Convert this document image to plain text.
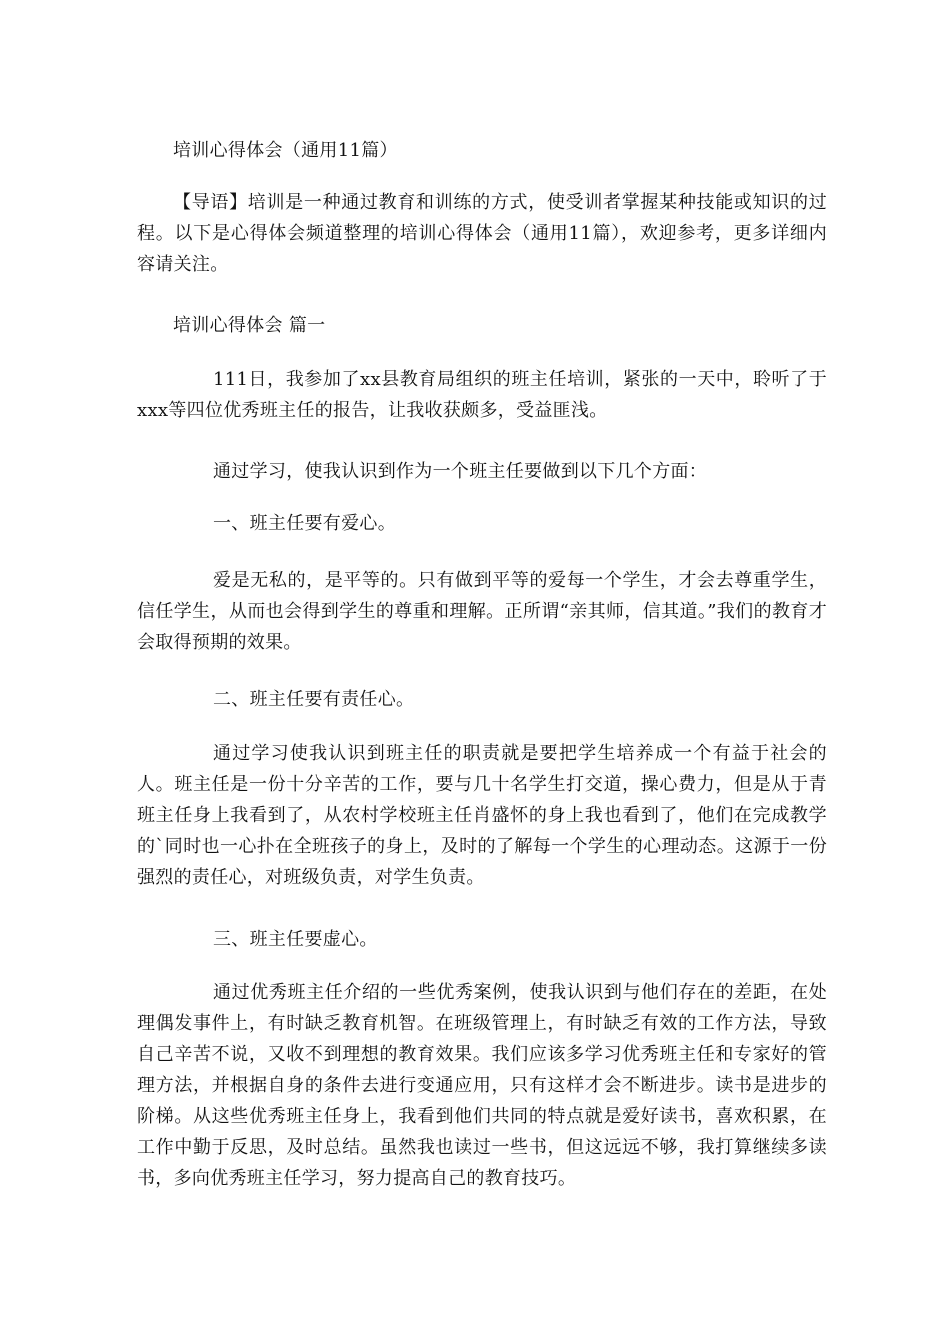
培训心得体会（通用11篇）

【导语】培训是一种通过教育和训练的方式，使受训者掌握某种技能或知识的过程。以下是心得体会频道整理的培训心得体会（通用11篇），欢迎参考，更多详细内容请关注。

培训心得体会 篇一

111日，我参加了xx县教育局组织的班主任培训，紧张的一天中，聆听了于xxx等四位优秀班主任的报告，让我收获颇多，受益匪浅。

通过学习，使我认识到作为一个班主任要做到以下几个方面：

一、班主任要有爱心。

爱是无私的，是平等的。只有做到平等的爱每一个学生，才会去尊重学生，信任学生，从而也会得到学生的尊重和理解。正所谓“亲其师，信其道。”我们的教育才会取得预期的效果。

二、班主任要有责任心。

通过学习使我认识到班主任的职责就是要把学生培养成一个有益于社会的人。班主任是一份十分辛苦的工作，要与几十名学生打交道，操心费力，但是从于青班主任身上我看到了，从农村学校班主任肖盛怀的身上我也看到了，他们在完成教学的`同时也一心扑在全班孩子的身上，及时的了解每一个学生的心理动态。这源于一份强烈的责任心，对班级负责，对学生负责。

三、班主任要虚心。

通过优秀班主任介绍的一些优秀案例，使我认识到与他们存在的差距，在处理偶发事件上，有时缺乏教育机智。在班级管理上，有时缺乏有效的工作方法，导致自己辛苦不说，又收不到理想的教育效果。我们应该多学习优秀班主任和专家好的管理方法，并根据自身的条件去进行变通应用，只有这样才会不断进步。读书是进步的阶梯。从这些优秀班主任身上，我看到他们共同的特点就是爱好读书，喜欢积累，在工作中勤于反思，及时总结。虽然我也读过一些书，但这远远不够，我打算继续多读书，多向优秀班主任学习，努力提高自己的教育技巧。
